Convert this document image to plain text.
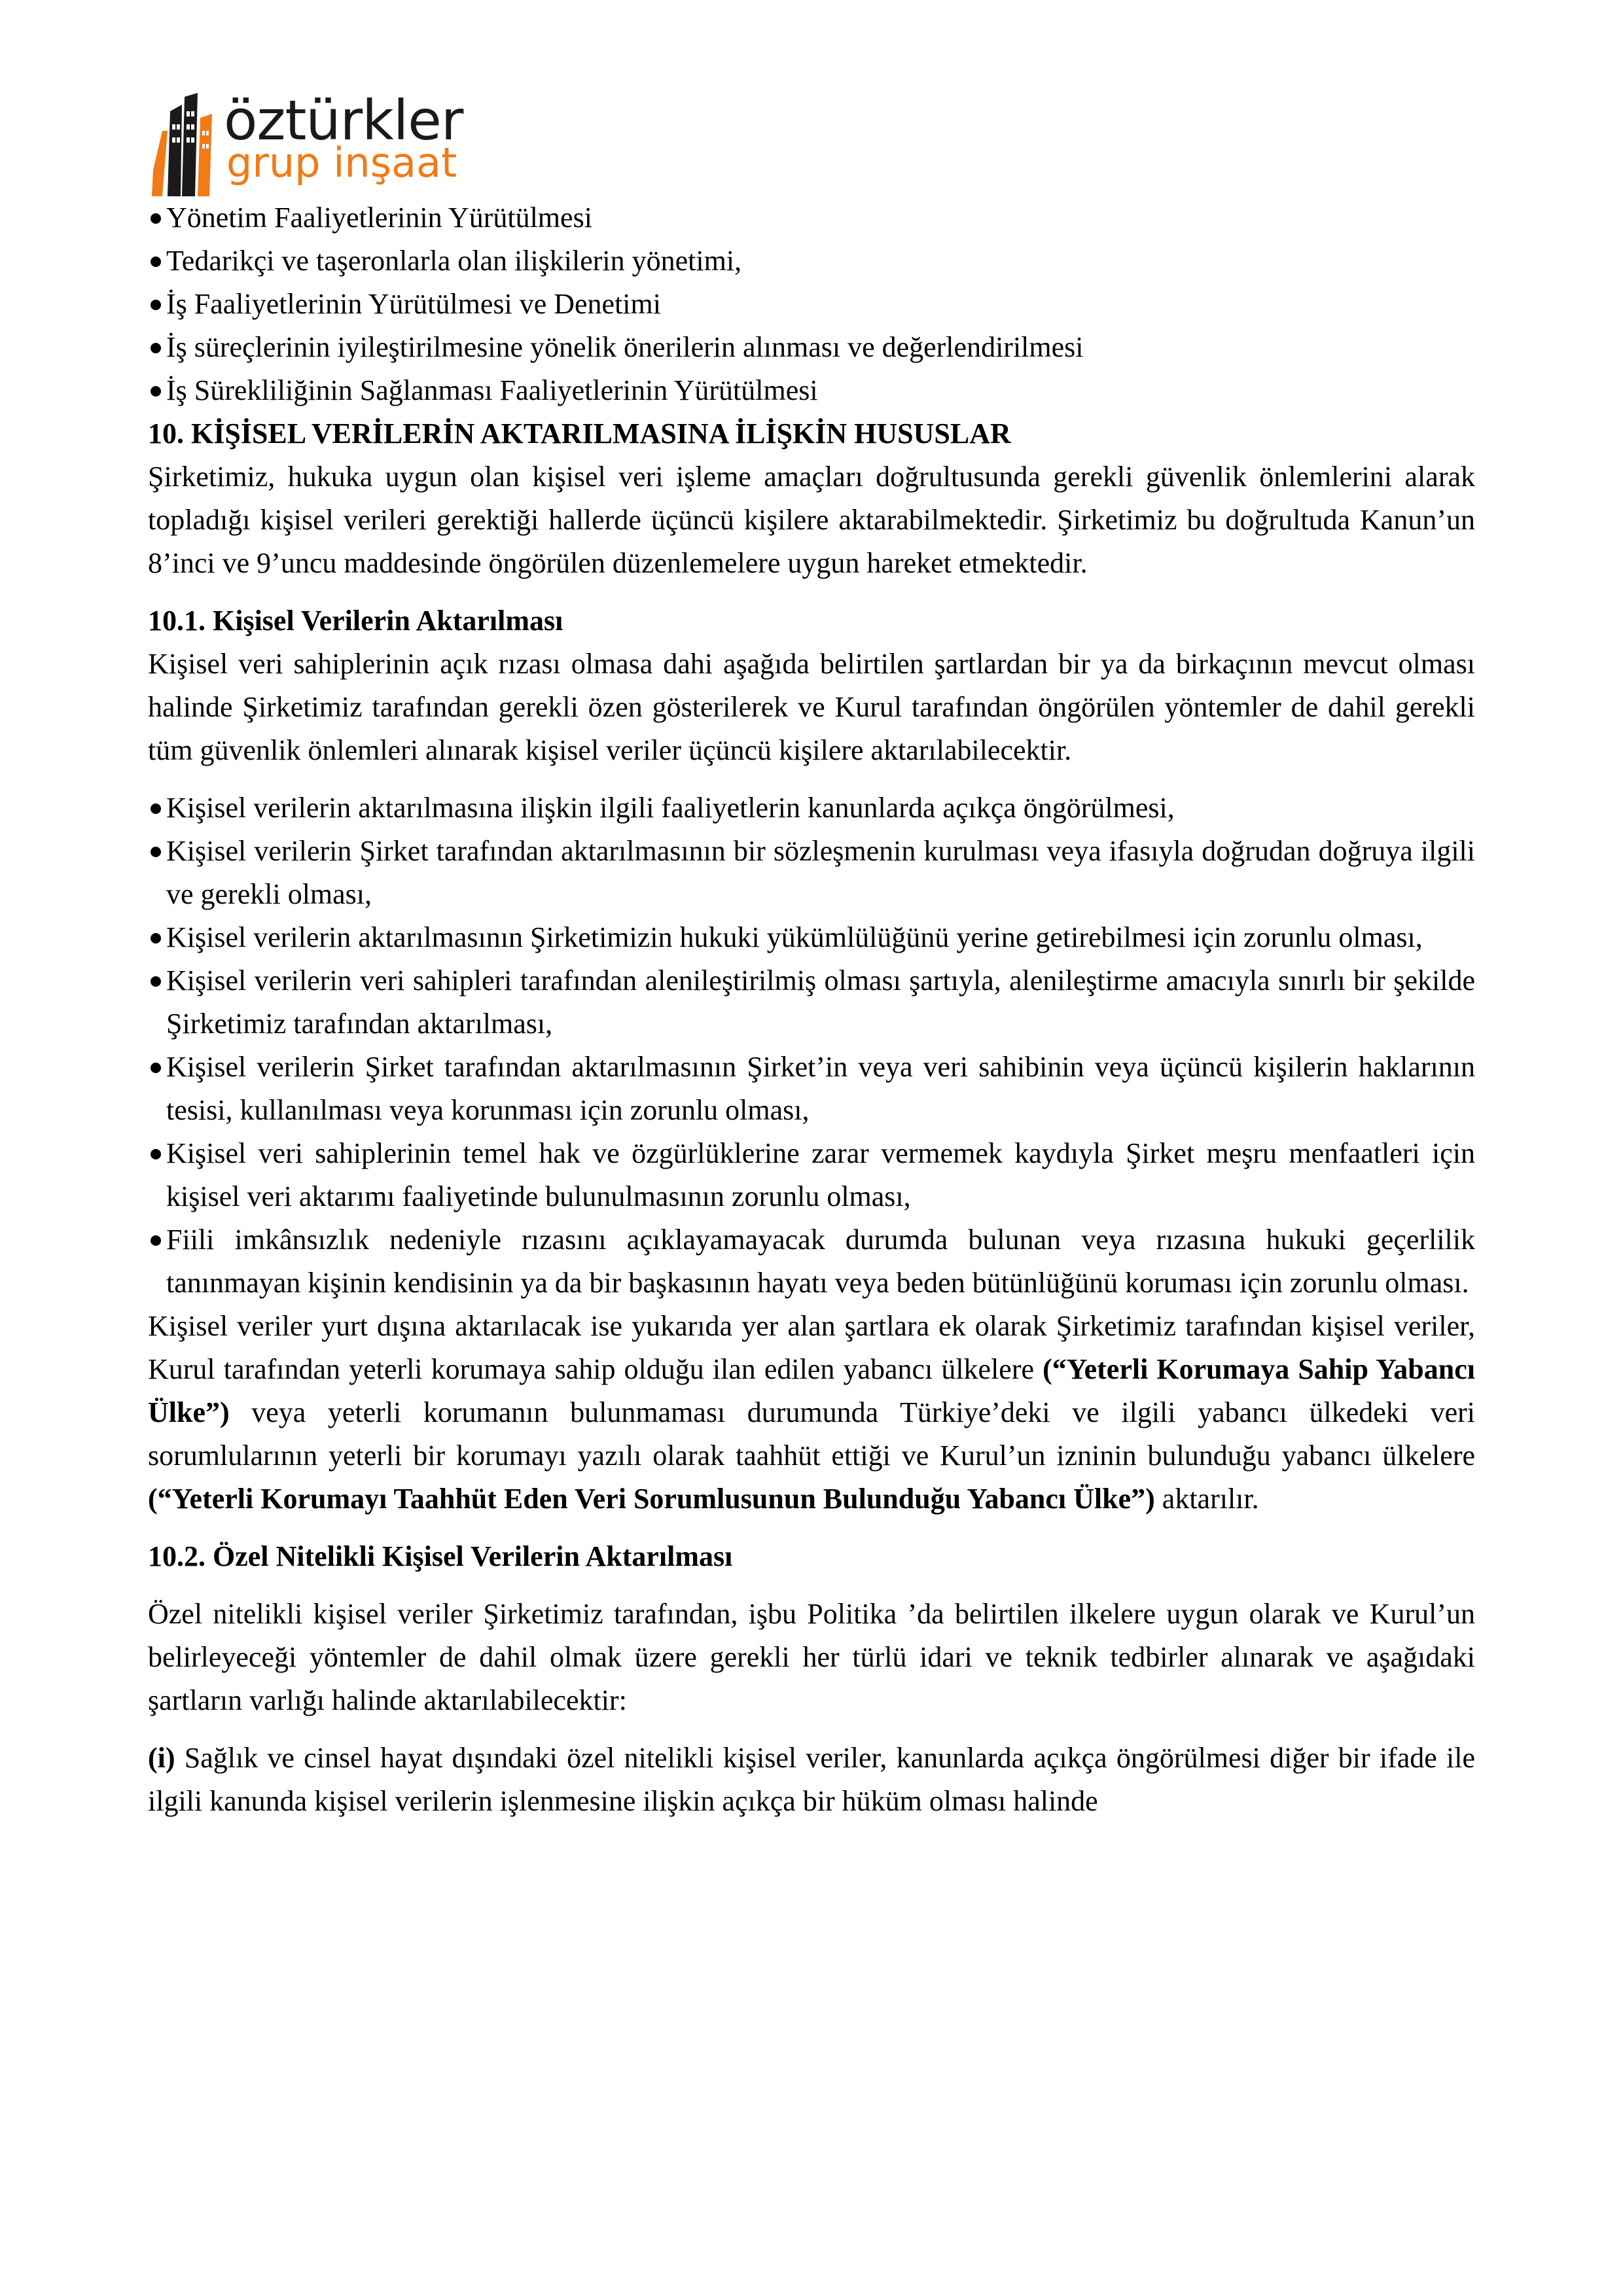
öztürkler
grup inşaat
Yönetim Faaliyetlerinin Yürütülmesi
Tedarikçi ve taşeronlarla olan ilişkilerin yönetimi,
İş Faaliyetlerinin Yürütülmesi ve Denetimi
İş süreçlerinin iyileştirilmesine yönelik önerilerin alınması ve değerlendirilmesi
İş Sürekliliğinin Sağlanması Faaliyetlerinin Yürütülmesi

10. KİŞİSEL VERİLERİN AKTARILMASINA İLİŞKİN HUSUSLAR

Şirketimiz, hukuka uygun olan kişisel veri işleme amaçları doğrultusunda gerekli güvenlik önlemlerini alarak topladığı kişisel verileri gerektiği hallerde üçüncü kişilere aktarabilmektedir. Şirketimiz bu doğrultuda Kanun’un 8’inci ve 9’uncu maddesinde öngörülen düzenlemelere uygun hareket etmektedir.

10.1. Kişisel Verilerin Aktarılması

Kişisel veri sahiplerinin açık rızası olmasa dahi aşağıda belirtilen şartlardan bir ya da birkaçının mevcut olması halinde Şirketimiz tarafından gerekli özen gösterilerek ve Kurul tarafından öngörülen yöntemler de dahil gerekli tüm güvenlik önlemleri alınarak kişisel veriler üçüncü kişilere aktarılabilecektir.

Kişisel verilerin aktarılmasına ilişkin ilgili faaliyetlerin kanunlarda açıkça öngörülmesi,
Kişisel verilerin Şirket tarafından aktarılmasının bir sözleşmenin kurulması veya ifasıyla doğrudan doğruya ilgili ve gerekli olması,
Kişisel verilerin aktarılmasının Şirketimizin hukuki yükümlülüğünü yerine getirebilmesi için zorunlu olması,
Kişisel verilerin veri sahipleri tarafından alenileştirilmiş olması şartıyla, alenileştirme amacıyla sınırlı bir şekilde Şirketimiz tarafından aktarılması,
Kişisel verilerin Şirket tarafından aktarılmasının Şirket’in veya veri sahibinin veya üçüncü kişilerin haklarının tesisi, kullanılması veya korunması için zorunlu olması,
Kişisel veri sahiplerinin temel hak ve özgürlüklerine zarar vermemek kaydıyla Şirket meşru menfaatleri için kişisel veri aktarımı faaliyetinde bulunulmasının zorunlu olması,
Fiili imkânsızlık nedeniyle rızasını açıklayamayacak durumda bulunan veya rızasına hukuki geçerlilik tanınmayan kişinin kendisinin ya da bir başkasının hayatı veya beden bütünlüğünü koruması için zorunlu olması.

Kişisel veriler yurt dışına aktarılacak ise yukarıda yer alan şartlara ek olarak Şirketimiz tarafından kişisel veriler, Kurul tarafından yeterli korumaya sahip olduğu ilan edilen yabancı ülkelere (“Yeterli Korumaya Sahip Yabancı Ülke”) veya yeterli korumanın bulunmaması durumunda Türkiye’deki ve ilgili yabancı ülkedeki veri sorumlularının yeterli bir korumayı yazılı olarak taahhüt ettiği ve Kurul’un izninin bulunduğu yabancı ülkelere (“Yeterli Korumayı Taahhüt Eden Veri Sorumlusunun Bulunduğu Yabancı Ülke”) aktarılır.

10.2. Özel Nitelikli Kişisel Verilerin Aktarılması

Özel nitelikli kişisel veriler Şirketimiz tarafından, işbu Politika ’da belirtilen ilkelere uygun olarak ve Kurul’un belirleyeceği yöntemler de dahil olmak üzere gerekli her türlü idari ve teknik tedbirler alınarak ve aşağıdaki şartların varlığı halinde aktarılabilecektir:

(i) Sağlık ve cinsel hayat dışındaki özel nitelikli kişisel veriler, kanunlarda açıkça öngörülmesi diğer bir ifade ile ilgili kanunda kişisel verilerin işlenmesine ilişkin açıkça bir hüküm olması halinde
